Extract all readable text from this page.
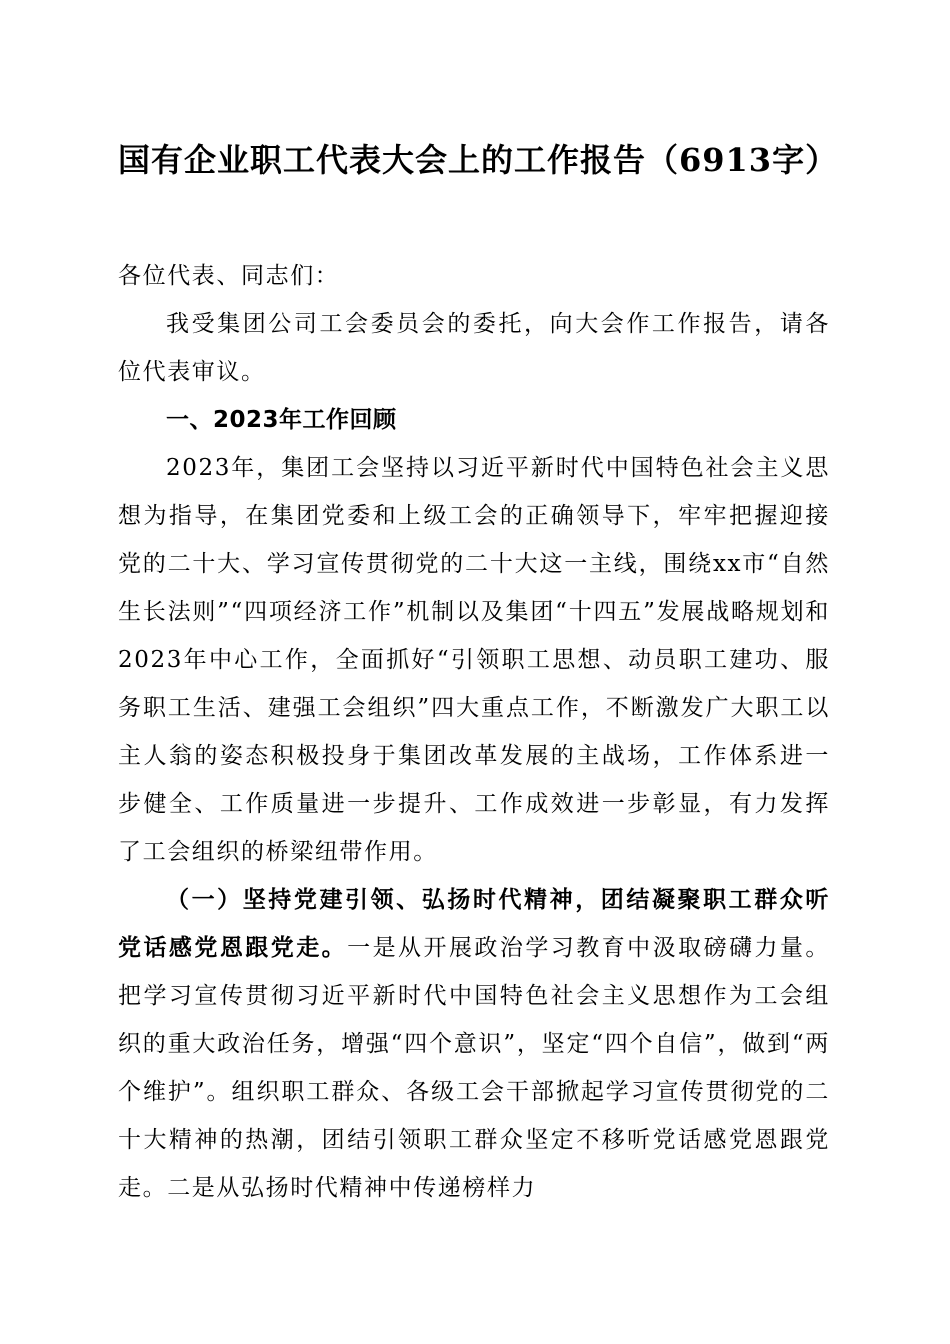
国有企业职工代表大会上的工作报告（6913字）

各位代表、同志们：

我受集团公司工会委员会的委托，向大会作工作报告，请各位代表审议。

一、2023年工作回顾

2023年，集团工会坚持以习近平新时代中国特色社会主义思想为指导，在集团党委和上级工会的正确领导下，牢牢把握迎接党的二十大、学习宣传贯彻党的二十大这一主线，围绕xx市“自然生长法则”“四项经济工作”机制以及集团“十四五”发展战略规划和2023年中心工作，全面抓好“引领职工思想、动员职工建功、服务职工生活、建强工会组织”四大重点工作，不断激发广大职工以主人翁的姿态积极投身于集团改革发展的主战场，工作体系进一步健全、工作质量进一步提升、工作成效进一步彰显，有力发挥了工会组织的桥梁纽带作用。

（一）坚持党建引领、弘扬时代精神，团结凝聚职工群众听党话感党恩跟党走。一是从开展政治学习教育中汲取磅礴力量。把学习宣传贯彻习近平新时代中国特色社会主义思想作为工会组织的重大政治任务，增强“四个意识”，坚定“四个自信”，做到“两个维护”。组织职工群众、各级工会干部掀起学习宣传贯彻党的二十大精神的热潮，团结引领职工群众坚定不移听党话感党恩跟党走。二是从弘扬时代精神中传递榜样力
